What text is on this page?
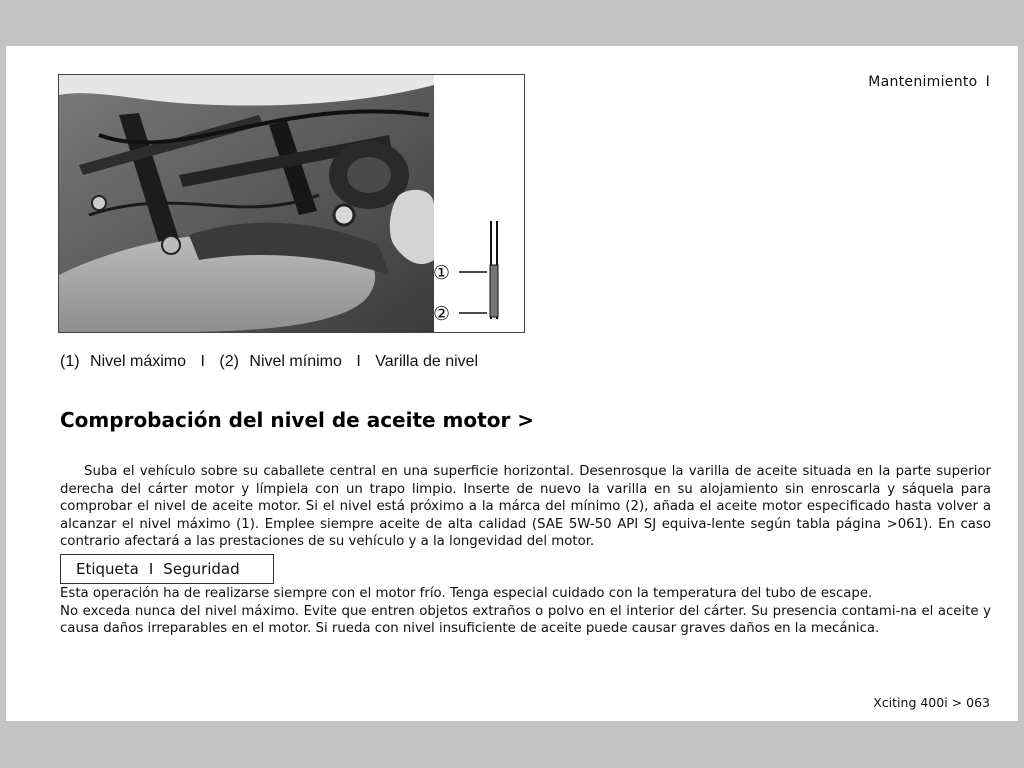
Mantenimiento I
①
②
(1) Nivel máximo I (2) Nivel mínimo I Varilla de nivel
Comprobación del nivel de aceite motor >

Suba el vehículo sobre su caballete central en una superficie horizontal. Desenrosque la varilla de aceite situada en la parte superior derecha del cárter motor y límpiela con un trapo limpio. Inserte de nuevo la varilla en su alojamiento sin enroscarla y sáquela para comprobar el nivel de aceite motor. Si el nivel está próximo a la márca del mínimo (2), añada el aceite motor especificado hasta volver a alcanzar el nivel máximo (1). Emplee siempre aceite de alta calidad (SAE 5W-50 API SJ equiva-lente según tabla página >061). En caso contrario afectará a las prestaciones de su vehículo y a la longevidad del motor.

Etiqueta I Seguridad

Esta operación ha de realizarse siempre con el motor frío. Tenga especial cuidado con la temperatura del tubo de escape.
No exceda nunca del nivel máximo. Evite que entren objetos extraños o polvo en el interior del cárter. Su presencia contami-na el aceite y causa daños irreparables en el motor. Si rueda con nivel insuficiente de aceite puede causar graves daños en la mecánica.

Xciting 400i > 063
